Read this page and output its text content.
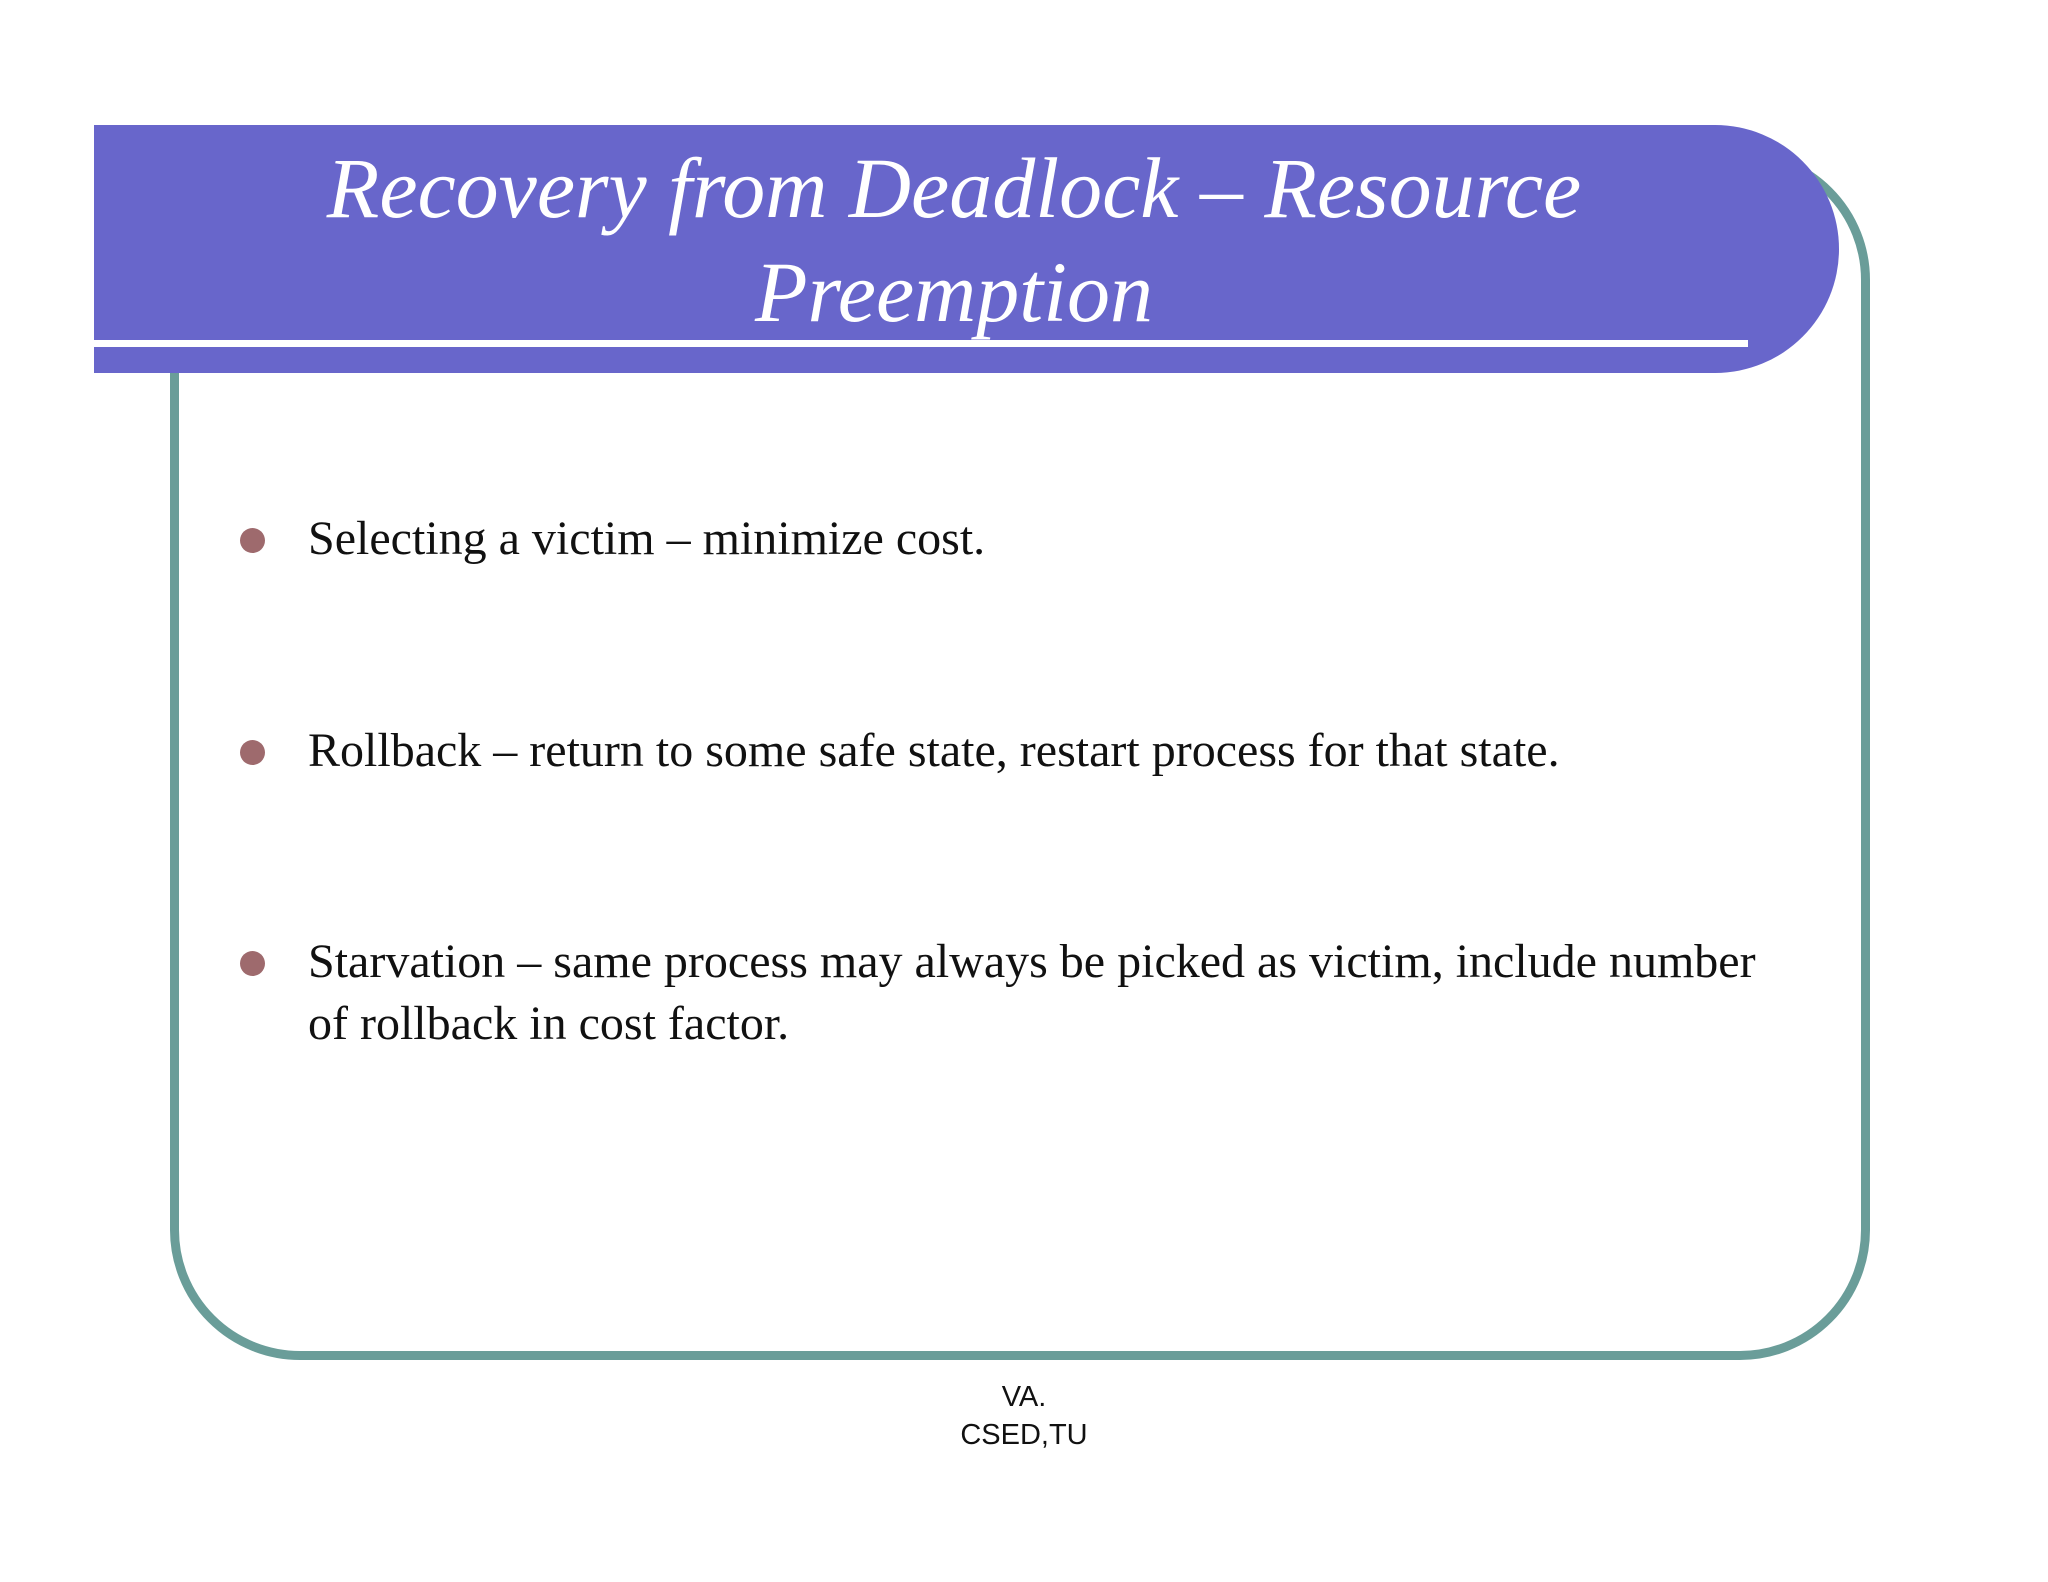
Recovery from Deadlock – Resource
Preemption
Selecting a victim – minimize cost.
Rollback – return to some safe state, restart process for that state.
Starvation – same process may always be picked as victim, include number of rollback in cost factor.
VA.
CSED,TU
